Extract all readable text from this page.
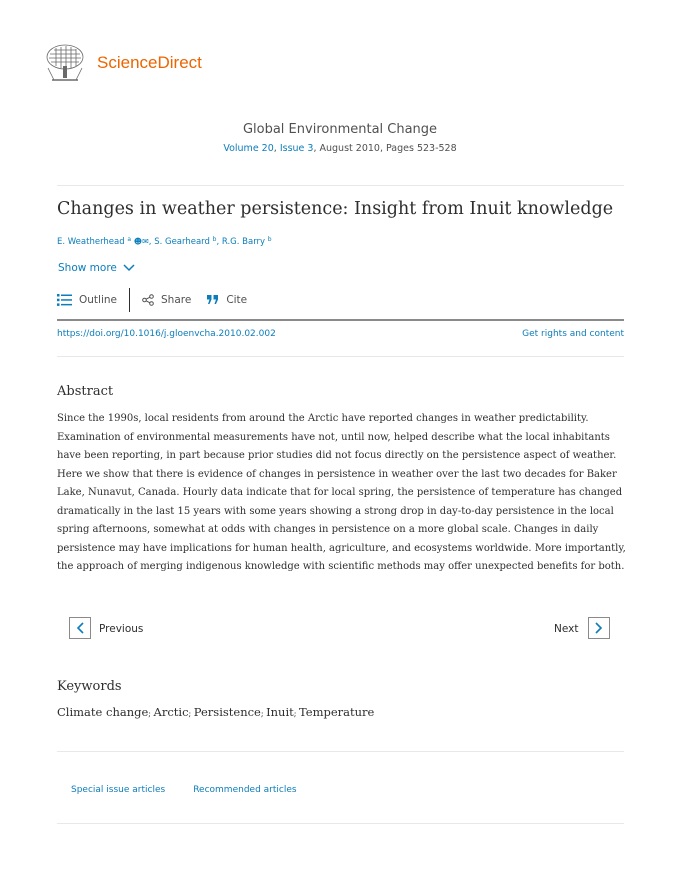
ScienceDirect
Global Environmental Change
Volume 20, Issue 3, August 2010, Pages 523-528
Changes in weather persistence: Insight from Inuit knowledge
E. Weatherhead $^a$ ☻✉, S. Gearheard $^b$, R.G. Barry $^b$
Show more
Outline	Share	Cite
https://doi.org/10.1016/j.gloenvcha.2010.02.002	Get rights and content
Abstract
Since the 1990s, local residents from around the Arctic have reported changes in weather predictability. Examination of environmental measurements have not, until now, helped describe what the local inhabitants have been reporting, in part because prior studies did not focus directly on the persistence aspect of weather. Here we show that there is evidence of changes in persistence in weather over the last two decades for Baker Lake, Nunavut, Canada. Hourly data indicate that for local spring, the persistence of temperature has changed dramatically in the last 15 years with some years showing a strong drop in day-to-day persistence in the local spring afternoons, somewhat at odds with changes in persistence on a more global scale. Changes in daily persistence may have implications for human health, agriculture, and ecosystems worldwide. More importantly, the approach of merging indigenous knowledge with scientific methods may offer unexpected benefits for both.
Previous	Next
Keywords
Climate change; Arctic; Persistence; Inuit; Temperature
Special issue articles	Recommended articles
